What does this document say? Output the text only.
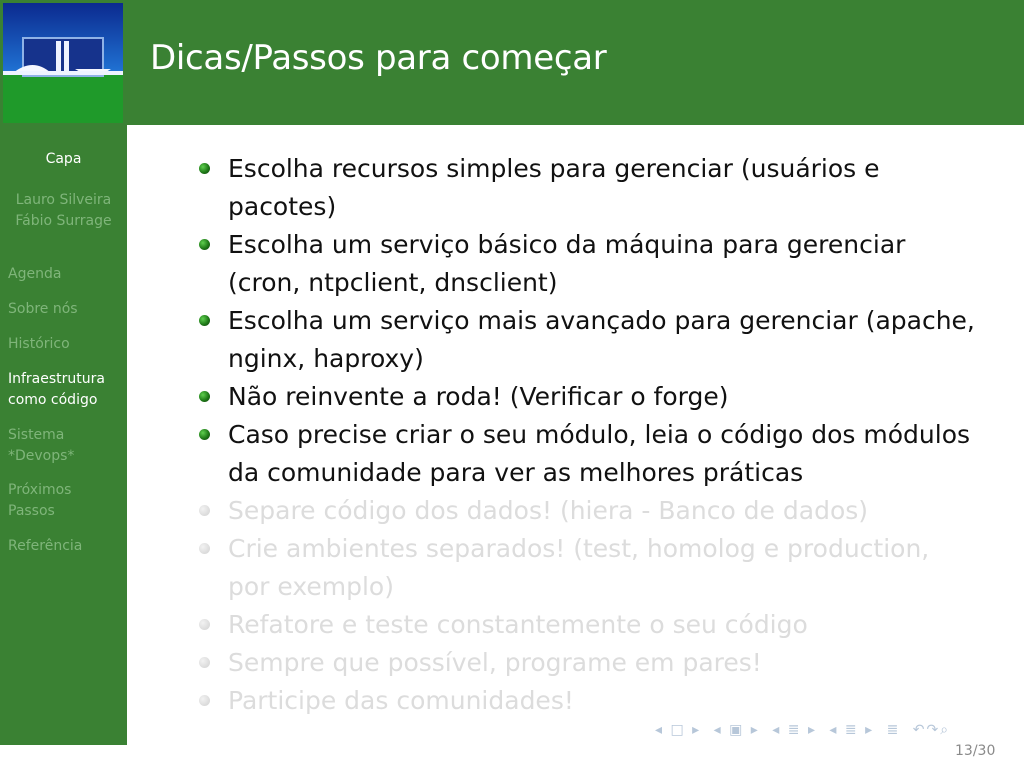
Dicas/Passos para começar
Capa
Lauro Silveira
Fábio Surrage
Agenda
Sobre nós
Histórico
Infraestrutura
como código
Sistema
*Devops*
Próximos
Passos
Referência
Escolha recursos simples para gerenciar (usuários e
pacotes)
Escolha um serviço básico da máquina para gerenciar
(cron, ntpclient, dnsclient)
Escolha um serviço mais avançado para gerenciar (apache,
nginx, haproxy)
Não reinvente a roda! (Verificar o forge)
Caso precise criar o seu módulo, leia o código dos módulos
da comunidade para ver as melhores práticas
Separe código dos dados! (hiera - Banco de dados)
Crie ambientes separados! (test, homolog e production,
por exemplo)
Refatore e teste constantemente o seu código
Sempre que possível, programe em pares!
Participe das comunidades!
◂ □ ▸ ◂ ▣ ▸ ◂ ≣ ▸ ◂ ≣ ▸ ≣ ↶↷⌕
13/30
